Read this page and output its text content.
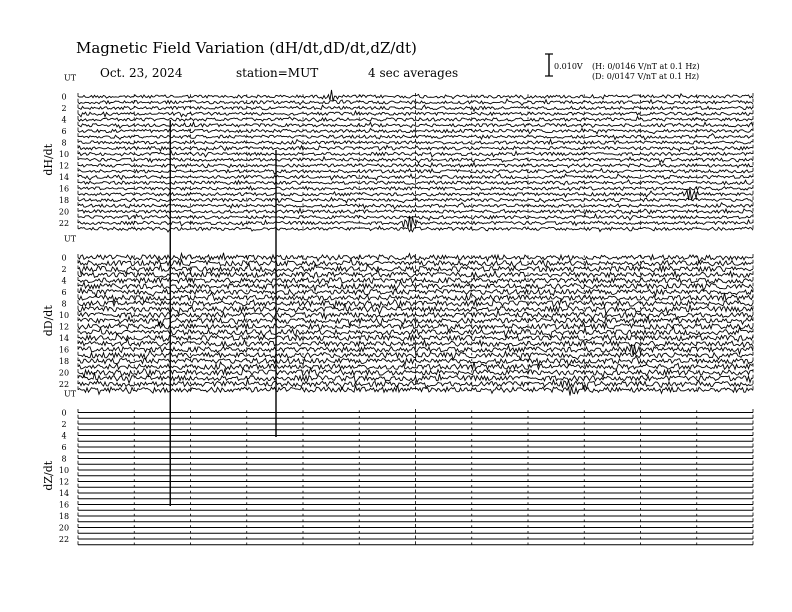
Magnetic Field Variation (dH/dt,dD/dt,dZ/dt)
Oct. 23, 2024	station=MUT	4 sec averages	0.010V (H: 0/0146 V/nT at 0.1 Hz)
(D: 0/0147 V/nT at 0.1 Hz)
UT
dH/dt
0
2
4
6
8
10
12
14
16
18
20
22
UT
dD/dt
0
2
4
6
8
10
12
14
16
18
20
22
UT
dZ/dt
0
2
4
6
8
10
12
14
16
18
20
22
